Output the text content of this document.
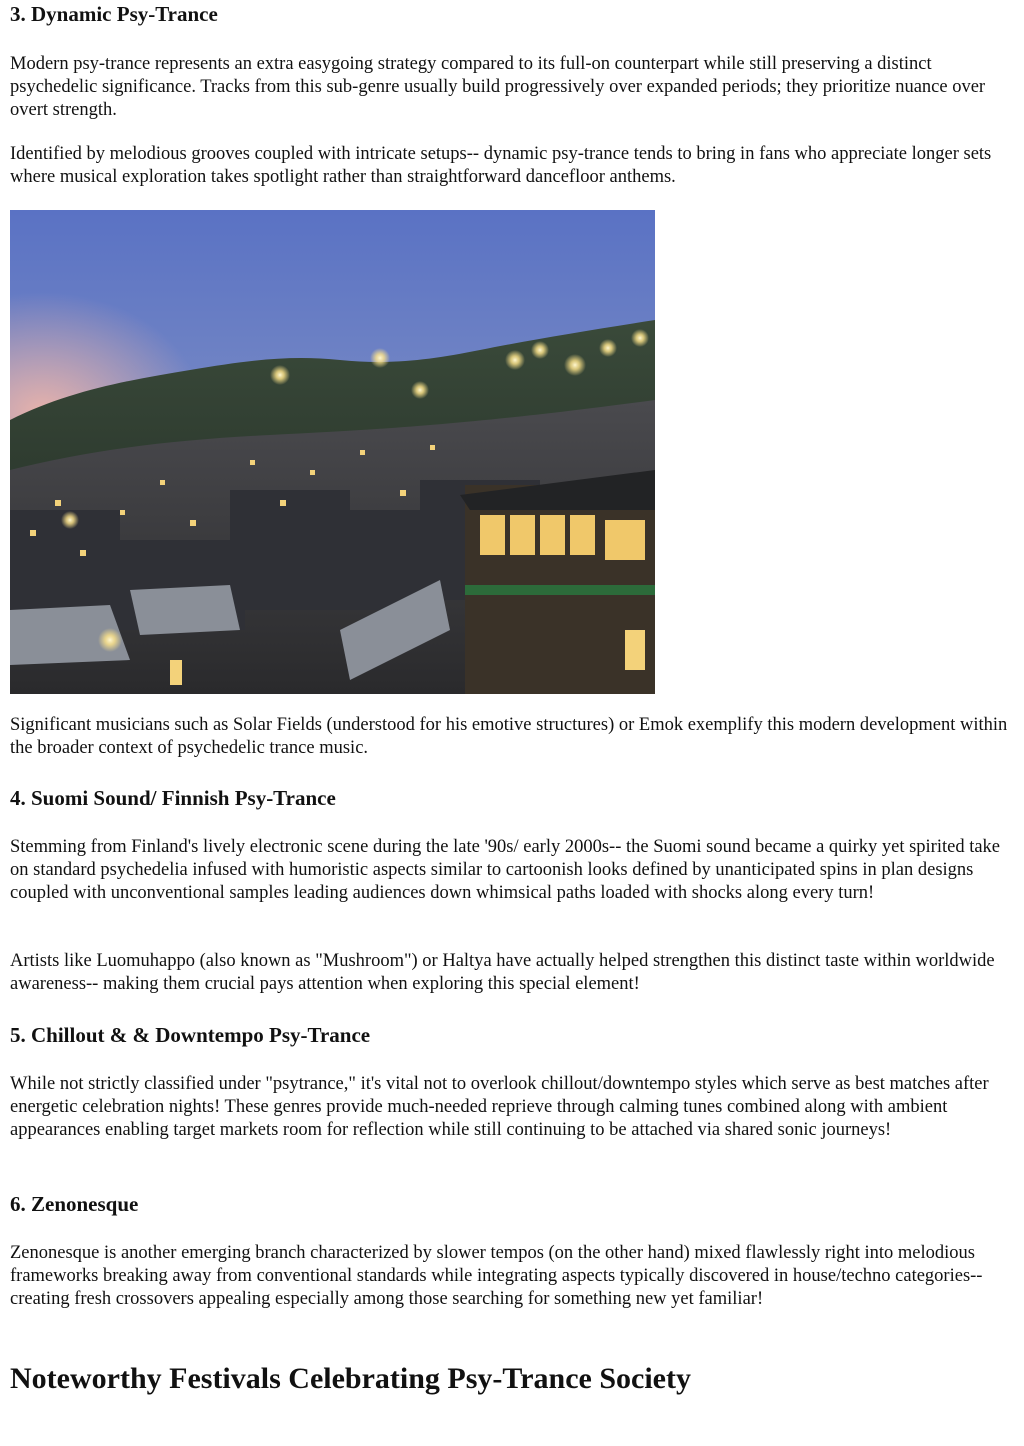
3. Dynamic Psy-Trance

Modern psy-trance represents an extra easygoing strategy compared to its full-on counterpart while still preserving a distinct psychedelic significance. Tracks from this sub-genre usually build progressively over expanded periods; they prioritize nuance over overt strength.

Identified by melodious grooves coupled with intricate setups-- dynamic psy-trance tends to bring in fans who appreciate longer sets where musical exploration takes spotlight rather than straightforward dancefloor anthems.

Significant musicians such as Solar Fields (understood for his emotive structures) or Emok exemplify this modern development within the broader context of psychedelic trance music.

4. Suomi Sound/ Finnish Psy-Trance

Stemming from Finland's lively electronic scene during the late '90s/ early 2000s-- the Suomi sound became a quirky yet spirited take on standard psychedelia infused with humoristic aspects similar to cartoonish looks defined by unanticipated spins in plan designs coupled with unconventional samples leading audiences down whimsical paths loaded with shocks along every turn!

Artists like Luomuhappo (also known as "Mushroom") or Haltya have actually helped strengthen this distinct taste within worldwide awareness-- making them crucial pays attention when exploring this special element!

5. Chillout & & Downtempo Psy-Trance

While not strictly classified under "psytrance," it's vital not to overlook chillout/downtempo styles which serve as best matches after energetic celebration nights! These genres provide much-needed reprieve through calming tunes combined along with ambient appearances enabling target markets room for reflection while still continuing to be attached via shared sonic journeys!

6. Zenonesque

Zenonesque is another emerging branch characterized by slower tempos (on the other hand) mixed flawlessly right into melodious frameworks breaking away from conventional standards while integrating aspects typically discovered in house/techno categories-- creating fresh crossovers appealing especially among those searching for something new yet familiar!

Noteworthy Festivals Celebrating Psy-Trance Society
